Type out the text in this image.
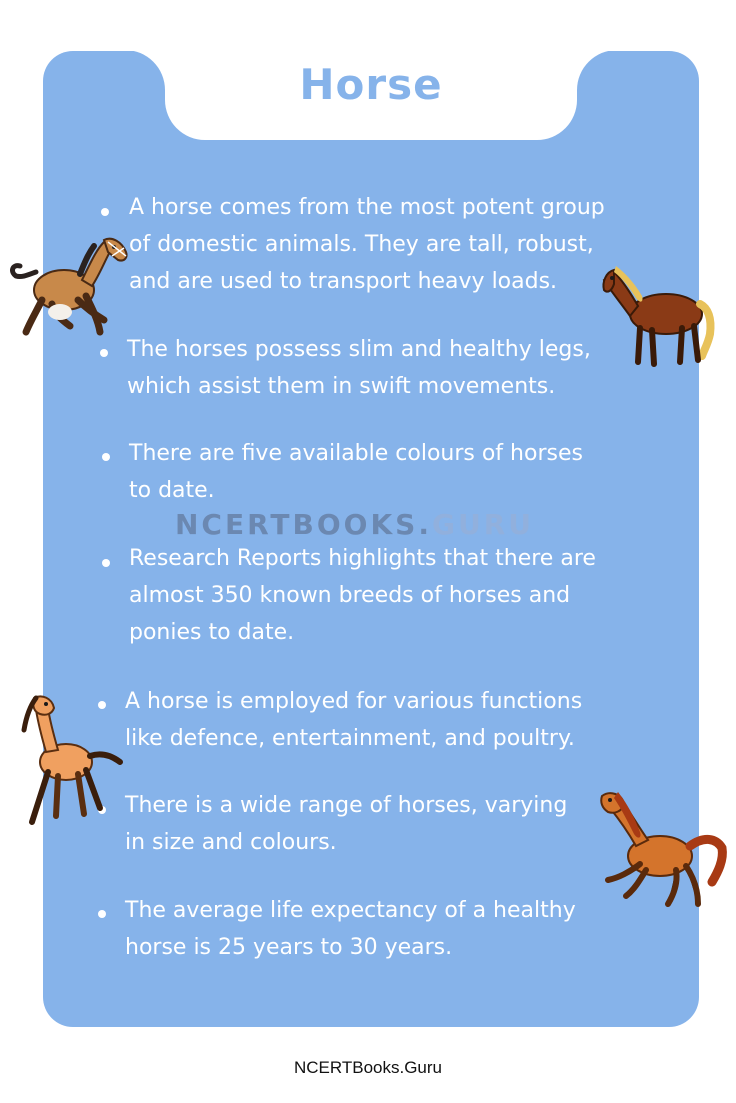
Horse
A horse comes from the most potent group
of domestic animals. They are tall, robust,
and are used to transport heavy loads.
The horses possess slim and healthy legs,
which assist them in swift movements.
There are five available colours of horses
to date.
Research Reports highlights that there are
almost 350 known breeds of horses and
ponies to date.
A horse is employed for various functions
like defence, entertainment, and poultry.
There is a wide range of horses, varying
in size and colours.
The average life expectancy of a healthy
horse is 25 years to 30 years.
NCERTBOOKS.GURU
NCERTBooks.Guru
